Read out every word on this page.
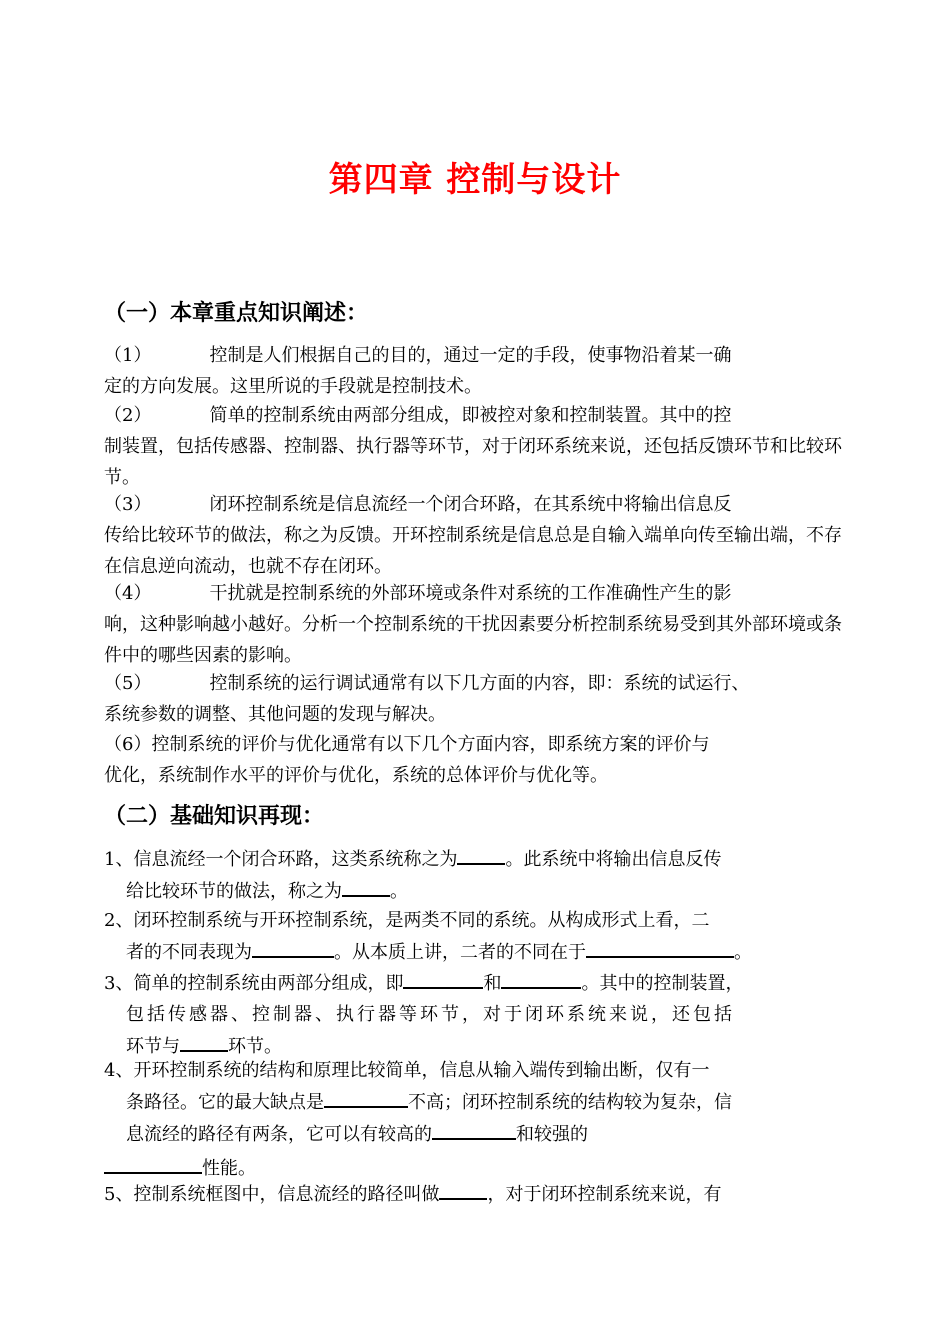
第四章 控制与设计
（一）本章重点知识阐述：
（1）	控制是人们根据自己的目的，通过一定的手段，使事物沿着某一确
定的方向发展。这里所说的手段就是控制技术。
（2）	简单的控制系统由两部分组成，即被控对象和控制装置。其中的控
制装置，包括传感器、控制器、执行器等环节，对于闭环系统来说，还包括反馈环节和比较环节。
（3）	闭环控制系统是信息流经一个闭合环路，在其系统中将输出信息反
传给比较环节的做法，称之为反馈。开环控制系统是信息总是自输入端单向传至输出端，不存在信息逆向流动，也就不存在闭环。
（4）	干扰就是控制系统的外部环境或条件对系统的工作准确性产生的影
响，这种影响越小越好。分析一个控制系统的干扰因素要分析控制系统易受到其外部环境或条件中的哪些因素的影响。
（5）	控制系统的运行调试通常有以下几方面的内容，即：系统的试运行、
系统参数的调整、其他问题的发现与解决。
（6）控制系统的评价与优化通常有以下几个方面内容，即系统方案的评价与
优化，系统制作水平的评价与优化，系统的总体评价与优化等。
（二）基础知识再现：
1、信息流经一个闭合环路，这类系统称之为	。此系统中将输出信息反传
给比较环节的做法，称之为	。
2、闭环控制系统与开环控制系统，是两类不同的系统。从构成形式上看，二
者的不同表现为	。从本质上讲，二者的不同在于	。
3、简单的控制系统由两部分组成，即	和	。其中的控制装置，
包括传感器、控制器、执行器等环节，对于闭环系统来说，还包括
环节与	环节。
4、开环控制系统的结构和原理比较简单，信息从输入端传到输出断，仅有一
条路径。它的最大缺点是	不高；闭环控制系统的结构较为复杂，信
息流经的路径有两条，它可以有较高的	和较强的
性能。
5、控制系统框图中，信息流经的路径叫做	，对于闭环控制系统来说，有
